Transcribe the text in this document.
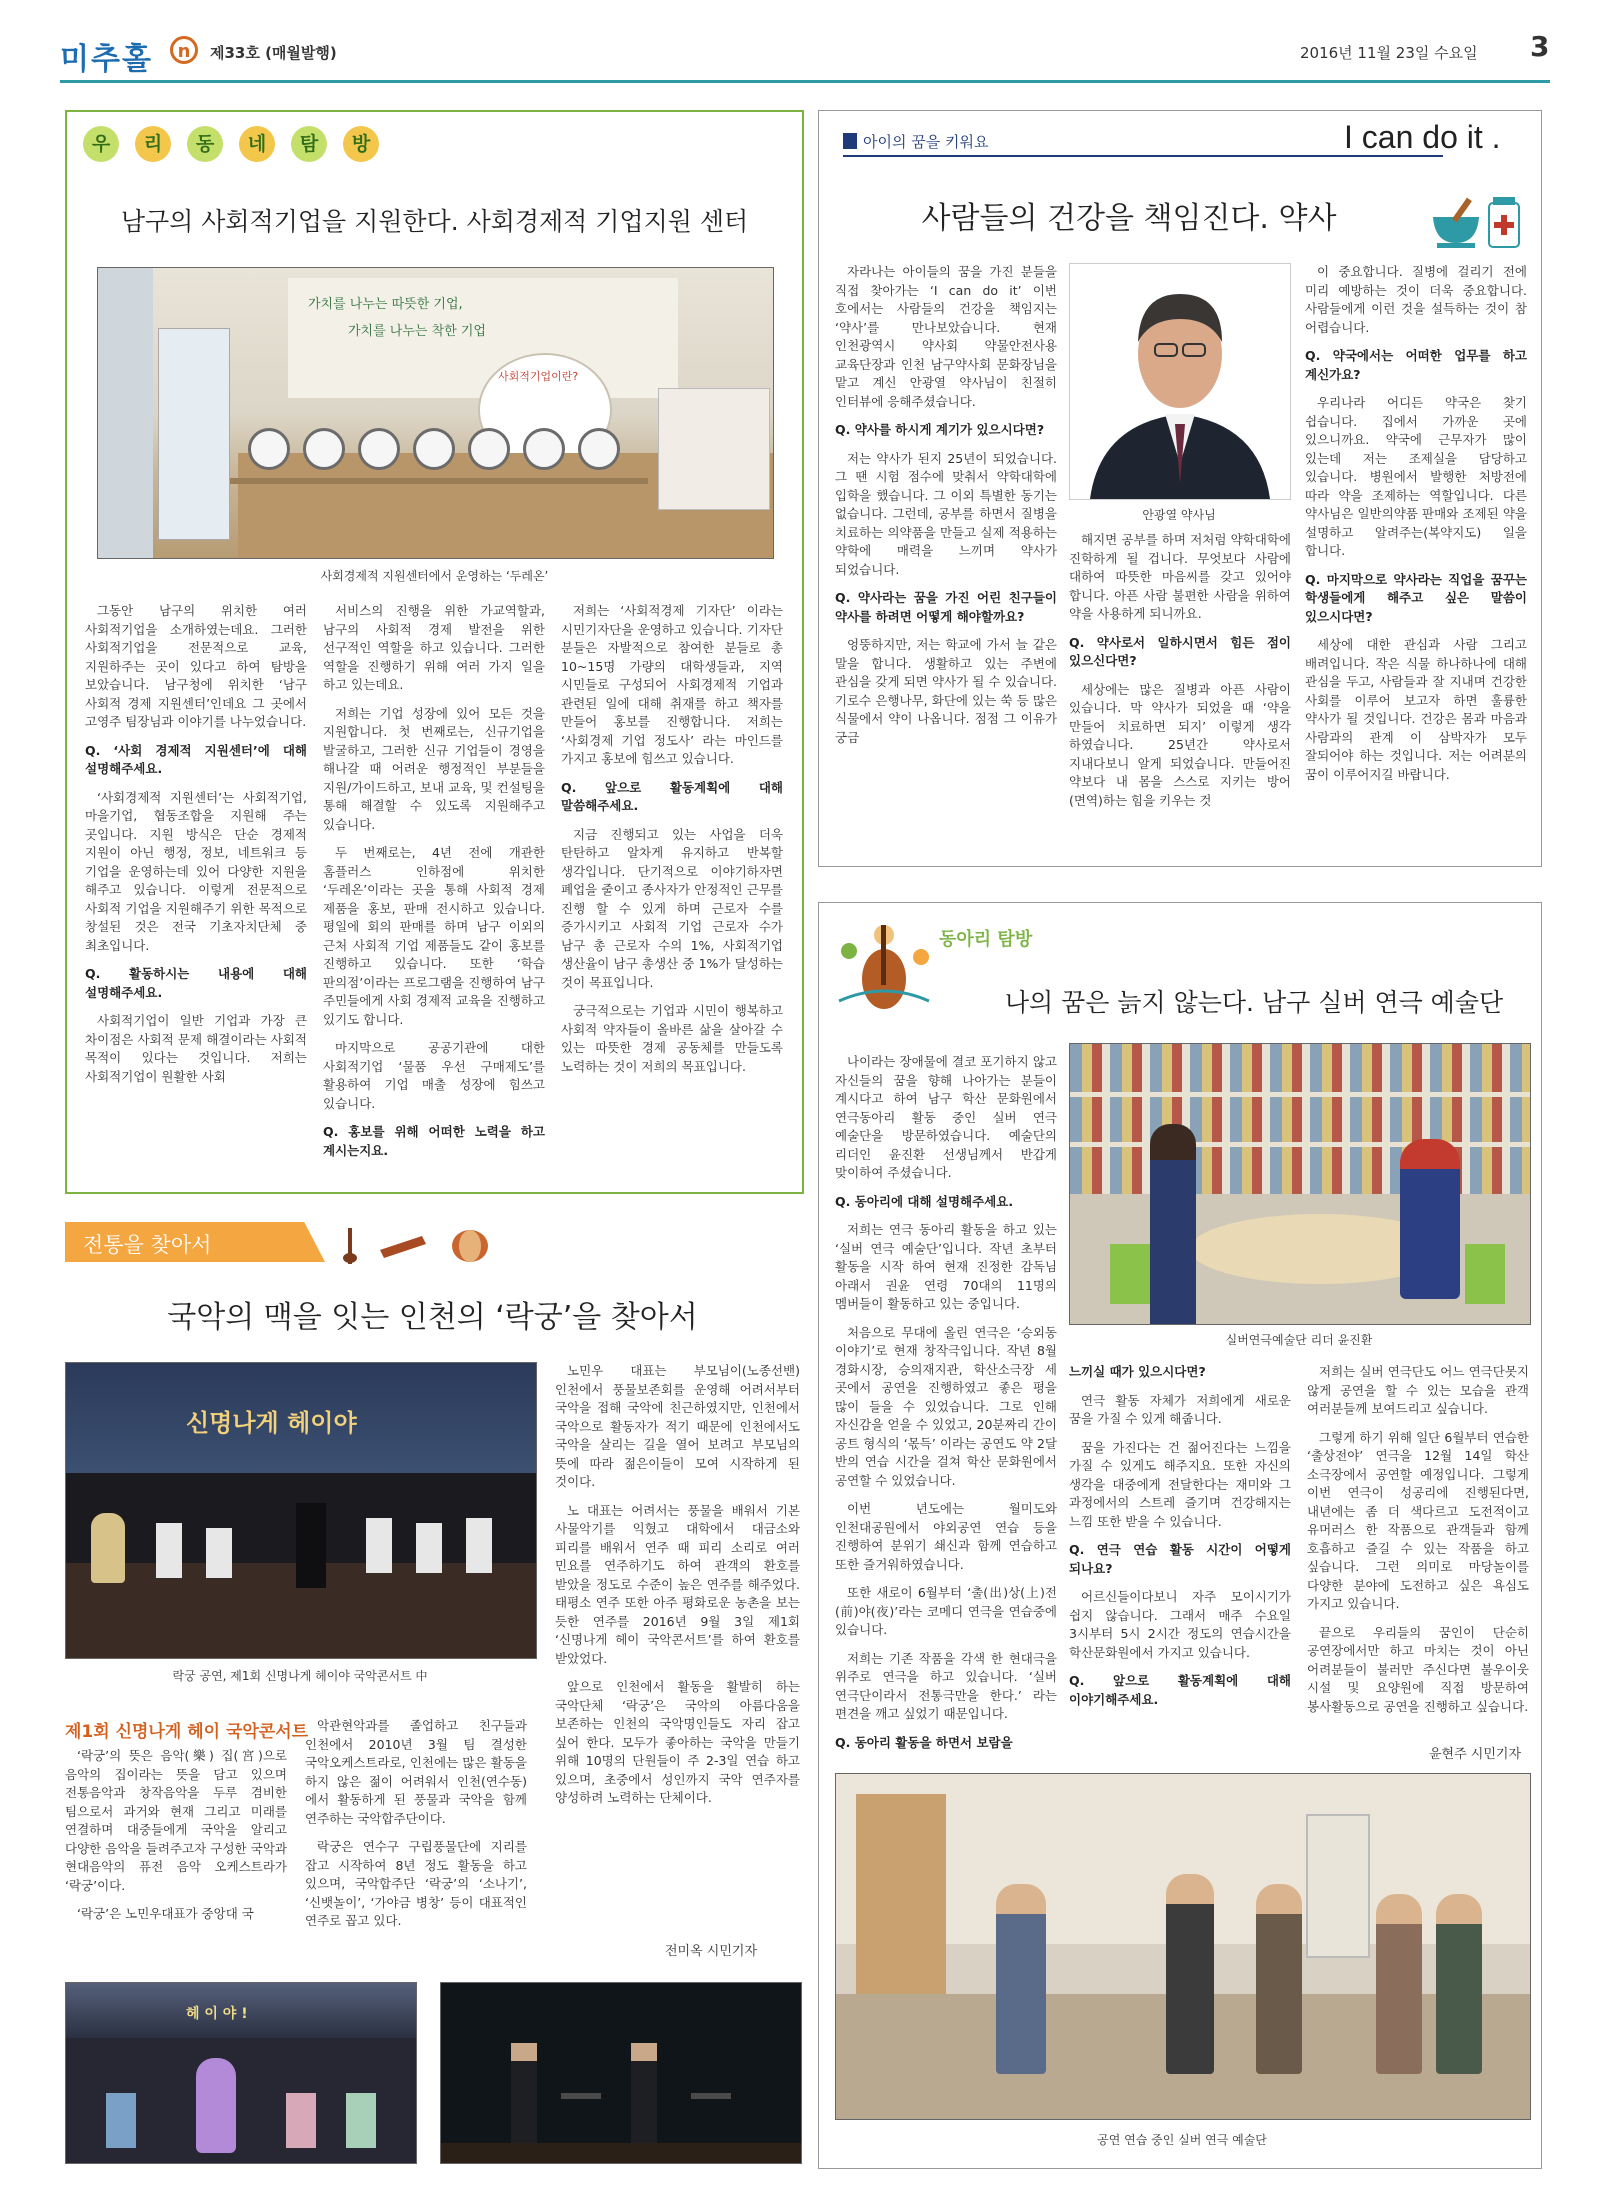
미추홀	n	제33호 (매월발행)	2016년 11월 23일 수요일 3
우	리	동	네	탐	방
남구의 사회적기업을 지원한다. 사회경제적 기업지원 센터
가치를 나누는 따뜻한 기업,
가치를 나누는 착한 기업
사회적기업이란?
사회경제적 지원센터에서 운영하는 ‘두레온’

그동안 남구의 위치한 여러 사회적기업을 소개하였는데요. 그러한 사회적기업을 전문적으로 교육, 지원하주는 곳이 있다고 하여 탐방을 보았습니다. 남구청에 위치한 ‘남구 사회적 경제 지원센터’인데요 그 곳에서 고영주 팀장님과 이야기를 나누었습니다.

Q. ‘사회 경제적 지원센터’에 대해 설명해주세요.

‘사회경제적 지원센터’는 사회적기업, 마을기업, 협동조합을 지원해 주는 곳입니다. 지원 방식은 단순 경제적 지원이 아닌 행정, 정보, 네트워크 등 기업을 운영하는데 있어 다양한 지원을 해주고 있습니다. 이렇게 전문적으로 사회적 기업을 지원해주기 위한 목적으로 창설된 것은 전국 기초자치단체 중 최초입니다.

Q. 활동하시는 내용에 대해 설명해주세요.

사회적기업이 일반 기업과 가장 큰 차이점은 사회적 문제 해결이라는 사회적 목적이 있다는 것입니다. 저희는 사회적기업이 원활한 사회

서비스의 진행을 위한 가교역할과, 남구의 사회적 경제 발전을 위한 선구적인 역할을 하고 있습니다. 그러한 역할을 진행하기 위해 여러 가지 일을 하고 있는데요.

저희는 기업 성장에 있어 모든 것을 지원합니다. 첫 번째로는, 신규기업을 발굴하고, 그러한 신규 기업들이 경영을 해나갈 때 어려운 행정적인 부분들을 지원/가이드하고, 보내 교육, 및 컨설팅을 통해 해결할 수 있도록 지원해주고 있습니다.

두 번째로는, 4년 전에 개관한 홈플러스 인하점에 위치한 ‘두레온’이라는 곳을 통해 사회적 경제 제품을 홍보, 판매 전시하고 있습니다. 평일에 회의 판매를 하며 남구 이외의 근처 사회적 기업 제품들도 같이 홍보를 진행하고 있습니다. 또한 ‘학습 판의점’이라는 프로그램을 진행하여 남구 주민들에게 사회 경제적 교육을 진행하고 있기도 합니다.

마지막으로 공공기관에 대한 사회적기업 ‘물품 우선 구매제도’를 활용하여 기업 매출 성장에 힘쓰고 있습니다.

Q. 홍보를 위해 어떠한 노력을 하고 계시는지요.

저희는 ‘사회적경제 기자단’ 이라는 시민기자단을 운영하고 있습니다. 기자단 분들은 자발적으로 참여한 분들로 총 10~15명 가량의 대학생들과, 지역 시민들로 구성되어 사회경제적 기업과 관련된 일에 대해 취재를 하고 책자를 만들어 홍보를 진행합니다. 저희는 ‘사회경제 기업 정도사’ 라는 마인드를 가지고 홍보에 힘쓰고 있습니다.

Q. 앞으로 활동계획에 대해 말씀해주세요.

지금 진행되고 있는 사업을 더욱 탄탄하고 알차게 유지하고 반복할 생각입니다. 단기적으로 이야기하자면 폐업을 줄이고 종사자가 안정적인 근무를 진행 할 수 있게 하며 근로자 수를 증가시키고 사회적 기업 근로자 수가 남구 총 근로자 수의 1%, 사회적기업 생산율이 남구 총생산 중 1%가 달성하는 것이 목표입니다.

궁극적으로는 기업과 시민이 행복하고 사회적 약자들이 올바른 삶을 살아갈 수 있는 따뜻한 경제 공동체를 만들도록 노력하는 것이 저희의 목표입니다.

아이의 꿈을 키워요	I can do it .
사람들의 건강을 책임진다. 약사

자라나는 아이들의 꿈을 가진 분들을 직접 찾아가는 ‘I can do it’ 이번 호에서는 사람들의 건강을 책임지는 ‘약사’를 만나보았습니다. 현재 인천광역시 약사회 약물안전사용 교육단장과 인천 남구약사회 문화장님을 맡고 계신 안광열 약사님이 친절히 인터뷰에 응해주셨습니다.

Q. 약사를 하시게 계기가 있으시다면?

저는 약사가 된지 25년이 되었습니다. 그 땐 시험 점수에 맞춰서 약학대학에 입학을 했습니다. 그 이외 특별한 동기는 없습니다. 그런데, 공부를 하면서 질병을 치료하는 의약품을 만들고 실제 적용하는 약학에 매력을 느끼며 약사가 되었습니다.

Q. 약사라는 꿈을 가진 어린 친구들이 약사를 하려면 어떻게 해야할까요?

엉뚱하지만, 저는 학교에 가서 늘 같은 말을 합니다. 생활하고 있는 주변에 관심을 갖게 되면 약사가 될 수 있습니다. 기로수 은행나무, 화단에 있는 쑥 등 많은 식물에서 약이 나옵니다. 점점 그 이유가 궁금

안광열 약사님

해지면 공부를 하며 저처럼 약학대학에 진학하게 될 겁니다. 무엇보다 사람에 대하여 따뜻한 마음씨를 갖고 있어야 합니다. 아픈 사람 불편한 사람을 위하여 약을 사용하게 되니까요.

Q. 약사로서 일하시면서 힘든 점이 있으신다면?

세상에는 많은 질병과 아픈 사람이 있습니다. 막 약사가 되었을 때 ‘약을 만들어 치료하면 되지’ 이렇게 생각 하였습니다. 25년간 약사로서 지내다보니 알게 되었습니다. 만들어진 약보다 내 몸을 스스로 지키는 방어(면역)하는 힘을 키우는 것

이 중요합니다. 질병에 걸리기 전에 미리 예방하는 것이 더욱 중요합니다. 사람들에게 이런 것을 설득하는 것이 참 어렵습니다.

Q. 약국에서는 어떠한 업무를 하고 계신가요?

우리나라 어디든 약국은 찾기 쉽습니다. 집에서 가까운 곳에 있으니까요. 약국에 근무자가 많이 있는데 저는 조제실을 담당하고 있습니다. 병원에서 발행한 처방전에 따라 약을 조제하는 역할입니다. 다른 약사님은 일반의약품 판매와 조제된 약을 설명하고 알려주는(복약지도) 일을 합니다.

Q. 마지막으로 약사라는 직업을 꿈꾸는 학생들에게 해주고 싶은 말씀이 있으시다면?

세상에 대한 관심과 사람 그리고 배려입니다. 작은 식물 하나하나에 대해 관심을 두고, 사람들과 잘 지내며 건강한 사회를 이루어 보고자 하면 훌륭한 약사가 될 것입니다. 건강은 몸과 마음과 사람과의 관계 이 삼박자가 모두 잘되어야 하는 것입니다. 저는 어려분의 꿈이 이루어지길 바랍니다.

전통을 찾아서
국악의 맥을 잇는 인천의 ‘락궁’을 찾아서
신명나게 헤이야
락궁 공연, 제1회 신명나게 헤이야 국악콘서트 中
제1회 신명나게 헤이 국악콘서트

‘락궁’의 뜻은 음악(樂) 집(宮)으로 음악의 집이라는 뜻을 담고 있으며 전통음악과 창작음악을 두루 겸비한 팀으로서 과거와 현재 그리고 미래를 연결하며 대중들에게 국악을 알리고 다양한 음악을 들려주고자 구성한 국악과 현대음악의 퓨전 음악 오케스트라가 ‘락궁’이다.

‘락궁’은 노민우대표가 중앙대 국

악관현악과를 졸업하고 친구들과 인천에서 2010년 3월 팀 결성한 국악오케스트라로, 인천에는 많은 활동을 하지 않은 젊이 어려워서 인천(연수동)에서 활동하게 된 풍물과 국악을 함께 연주하는 국악합주단이다.

락궁은 연수구 구립풍물단에 지리를 잡고 시작하여 8년 정도 활동을 하고 있으며, 국악합주단 ‘락궁’의 ‘소나기’, ‘신뱃놀이’, ‘가야금 병창’ 등이 대표적인 연주로 꼽고 있다.

노민우 대표는 부모님이(노종선밴) 인천에서 풍물보존회를 운영해 어려서부터 국악을 접해 국악에 친근하였지만, 인천에서 국악으로 활동자가 적기 때문에 인천에서도 국악을 살리는 길을 열어 보려고 부모님의 뜻에 따라 젊은이들이 모여 시작하게 된 것이다.

노 대표는 어려서는 풍물을 배워서 기본 사물악기를 익혔고 대학에서 대금소와 피리를 배워서 연주 때 피리 소리로 여러 민요를 연주하기도 하여 관객의 환호를 받았을 정도로 수준이 높은 연주를 해주었다. 태평소 연주 또한 아주 평화로운 농촌을 보는 듯한 연주를 2016년 9월 3일 제1회 ‘신명나게 헤이 국악콘서트’를 하여 환호를 받았었다.

앞으로 인천에서 활동을 활발히 하는 국악단체 ‘락궁’은 국악의 아름다움을 보존하는 인천의 국악명인들도 자리 잡고 싶어 한다. 모두가 좋아하는 국악을 만들기 위해 10명의 단원들이 주 2-3일 연습 하고 있으며, 초중에서 성인까지 국악 연주자를 양성하려 노력하는 단체이다.

전미옥 시민기자
헤 이 야 !
동아리 탐방
나의 꿈은 늙지 않는다. 남구 실버 연극 예술단

나이라는 장애물에 결코 포기하지 않고 자신들의 꿈을 향해 나아가는 분들이 계시다고 하여 남구 학산 문화원에서 연극동아리 활동 중인 실버 연극 예술단을 방문하였습니다. 예술단의 리더인 윤진환 선생님께서 반갑게 맞이하여 주셨습니다.

Q. 동아리에 대해 설명해주세요.

저희는 연극 동아리 활동을 하고 있는 ‘실버 연극 예술단’입니다. 작년 초부터 활동을 시작 하여 현재 진정한 감독님 아래서 권윤 연령 70대의 11명의 멤버들이 활동하고 있는 중입니다.

처음으로 무대에 올린 연극은 ‘승외동 이야기’로 현재 창작극입니다. 작년 8월 경화시장, 승의재지관, 학산소극장 세 곳에서 공연을 진행하였고 좋은 평을 많이 들을 수 있었습니다. 그로 인해 자신감을 얻을 수 있었고, 20분짜리 간이 공트 형식의 ‘몫득’ 이라는 공연도 약 2달 반의 연습 시간을 걸쳐 학산 문화원에서 공연할 수 있었습니다.

이번 년도에는 월미도와 인천대공원에서 야외공연 연습 등을 진행하여 분위기 쇄신과 함께 연습하고 또한 즐거워하였습니다.

또한 새로이 6월부터 ‘출(出)상(上)전(前)야(夜)’라는 코메디 연극을 연습중에 있습니다.

저희는 기존 작품을 각색 한 현대극을 위주로 연극을 하고 있습니다. ‘실버 연극단이라서 전통극만을 한다.’ 라는 편견을 깨고 싶었기 때문입니다.

Q. 동아리 활동을 하면서 보람을

실버연극예술단 리더 윤진환

느끼실 때가 있으시다면?

연극 활동 자체가 저희에게 새로운 꿈을 가질 수 있게 해줍니다.

꿈을 가진다는 건 젊어진다는 느낌을 가질 수 있게도 해주지요. 또한 자신의 생각을 대중에게 전달한다는 재미와 그 과정에서의 스트레 즐기며 건강해지는 느낌 또한 받을 수 있습니다.

Q. 연극 연습 활동 시간이 어떻게 되나요?

어르신들이다보니 자주 모이시기가 쉽지 않습니다. 그래서 매주 수요일 3시부터 5시 2시간 정도의 연습시간을 학산문화원에서 가지고 있습니다.

Q. 앞으로 활동계획에 대해 이야기해주세요.

저희는 실버 연극단도 어느 연극단못지 않게 공연을 할 수 있는 모습을 관객 여러분들께 보여드리고 싶습니다.

그렇게 하기 위해 일단 6월부터 연습한 ‘출상전야’ 연극을 12월 14일 학산 소극장에서 공연할 예정입니다. 그렇게 이번 연극이 성공리에 진행된다면, 내년에는 좀 더 색다르고 도전적이고 유머러스 한 작품으로 관객들과 함께 호흡하고 즐길 수 있는 작품을 하고 싶습니다. 그런 의미로 마당놀이를 다양한 분야에 도전하고 싶은 욕심도 가지고 있습니다.

끝으로 우리들의 꿈인이 단순히 공연장에서만 하고 마치는 것이 아닌 어려분들이 불러만 주신다면 불우이웃 시설 및 요양원에 직접 방문하여 봉사활동으로 공연을 진행하고 싶습니다.

윤현주 시민기자
공연 연습 중인 실버 연극 예술단
